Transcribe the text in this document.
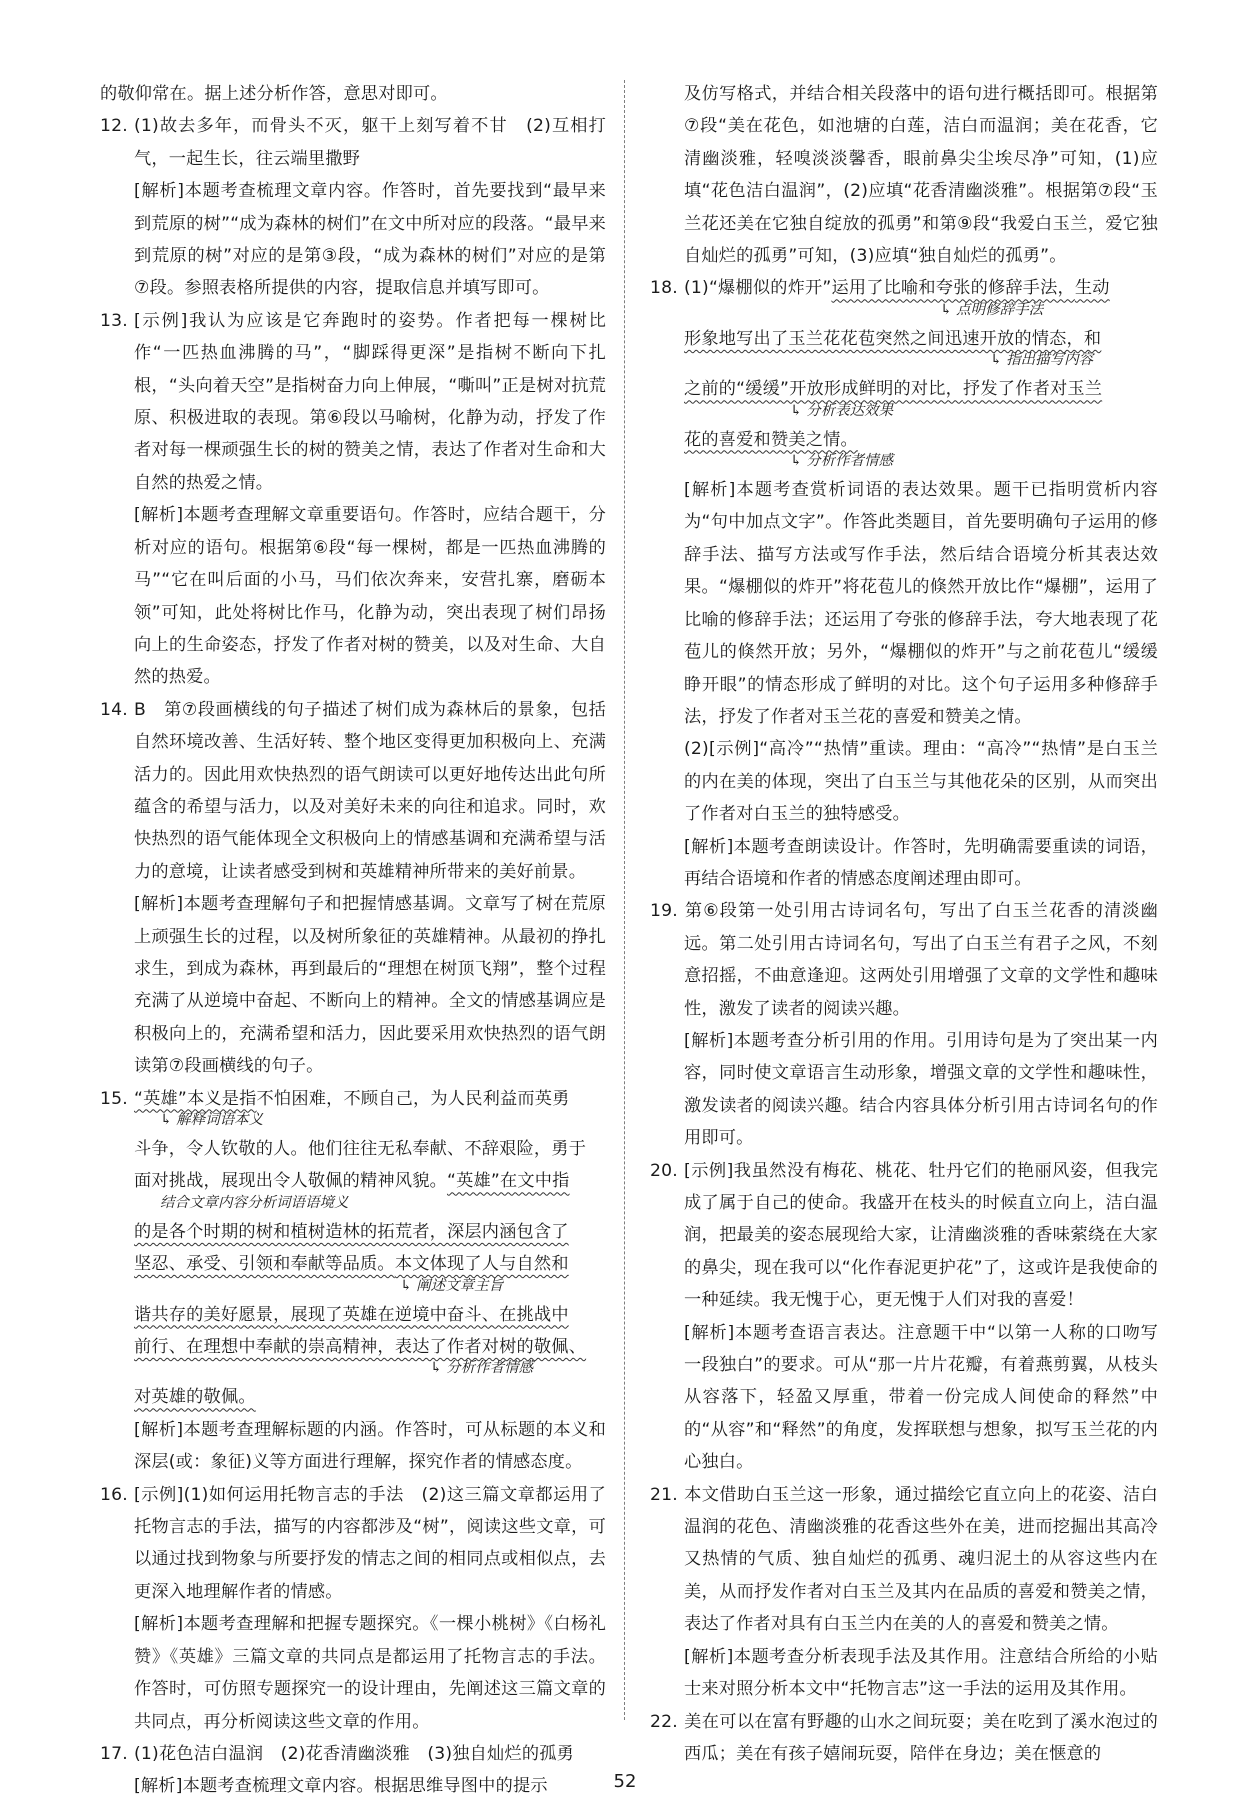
的敬仰常在。据上述分析作答，意思对即可。

12. (1)故去多年，而骨头不灭，躯干上刻写着不甘　(2)互相打气，一起生长，往云端里撒野

[解析]本题考查梳理文章内容。作答时，首先要找到“最早来到荒原的树”“成为森林的树们”在文中所对应的段落。“最早来到荒原的树”对应的是第③段，“成为森林的树们”对应的是第⑦段。参照表格所提供的内容，提取信息并填写即可。

13. [示例]我认为应该是它奔跑时的姿势。作者把每一棵树比作“一匹热血沸腾的马”，“脚踩得更深”是指树不断向下扎根，“头向着天空”是指树奋力向上伸展，“嘶叫”正是树对抗荒原、积极进取的表现。第⑥段以马喻树，化静为动，抒发了作者对每一棵顽强生长的树的赞美之情，表达了作者对生命和大自然的热爱之情。

[解析]本题考查理解文章重要语句。作答时，应结合题干，分析对应的语句。根据第⑥段“每一棵树，都是一匹热血沸腾的马”“它在叫后面的小马，马们依次奔来，安营扎寨，磨砺本领”可知，此处将树比作马，化静为动，突出表现了树们昂扬向上的生命姿态，抒发了作者对树的赞美，以及对生命、大自然的热爱。

14. B　第⑦段画横线的句子描述了树们成为森林后的景象，包括自然环境改善、生活好转、整个地区变得更加积极向上、充满活力的。因此用欢快热烈的语气朗读可以更好地传达出此句所蕴含的希望与活力，以及对美好未来的向往和追求。同时，欢快热烈的语气能体现全文积极向上的情感基调和充满希望与活力的意境，让读者感受到树和英雄精神所带来的美好前景。

[解析]本题考查理解句子和把握情感基调。文章写了树在荒原上顽强生长的过程，以及树所象征的英雄精神。从最初的挣扎求生，到成为森林，再到最后的“理想在树顶飞翔”，整个过程充满了从逆境中奋起、不断向上的精神。全文的情感基调应是积极向上的，充满希望和活力，因此要采用欢快热烈的语气朗读第⑦段画横线的句子。

15. “英雄”本义是指不怕困难，不顾自己，为人民利益而英勇

↳ 解释词语本义

斗争，令人钦敬的人。他们往往无私奉献、不辞艰险，勇于

面对挑战，展现出令人敬佩的精神风貌。“英雄”在文中指

结合文章内容分析词语语境义

的是各个时期的树和植树造林的拓荒者，深层内涵包含了

坚忍、承受、引领和奉献等品质。本文体现了人与自然和

↳ 阐述文章主旨

谐共存的美好愿景，展现了英雄在逆境中奋斗、在挑战中

前行、在理想中奉献的崇高精神，表达了作者对树的敬佩、

↳ 分析作者情感

对英雄的敬佩。

[解析]本题考查理解标题的内涵。作答时，可从标题的本义和深层(或：象征)义等方面进行理解，探究作者的情感态度。

16. [示例](1)如何运用托物言志的手法　(2)这三篇文章都运用了托物言志的手法，描写的内容都涉及“树”，阅读这些文章，可以通过找到物象与所要抒发的情志之间的相同点或相似点，去更深入地理解作者的情感。

[解析]本题考查理解和把握专题探究。《一棵小桃树》《白杨礼赞》《英雄》三篇文章的共同点是都运用了托物言志的手法。作答时，可仿照专题探究一的设计理由，先阐述这三篇文章的共同点，再分析阅读这些文章的作用。

17. (1)花色洁白温润　(2)花香清幽淡雅　(3)独自灿烂的孤勇

[解析]本题考查梳理文章内容。根据思维导图中的提示

及仿写格式，并结合相关段落中的语句进行概括即可。根据第⑦段“美在花色，如池塘的白莲，洁白而温润；美在花香，它清幽淡雅，轻嗅淡淡馨香，眼前鼻尖尘埃尽净”可知，(1)应填“花色洁白温润”，(2)应填“花香清幽淡雅”。根据第⑦段“玉兰花还美在它独自绽放的孤勇”和第⑨段“我爱白玉兰，爱它独自灿烂的孤勇”可知，(3)应填“独自灿烂的孤勇”。

18. (1)“爆棚似的炸开”运用了比喻和夸张的修辞手法，生动

↳ 点明修辞手法

形象地写出了玉兰花花苞突然之间迅速开放的情态，和

↳ 指出描写内容

之前的“缓缓”开放形成鲜明的对比，抒发了作者对玉兰

↳ 分析表达效果

花的喜爱和赞美之情。

↳ 分析作者情感

[解析]本题考查赏析词语的表达效果。题干已指明赏析内容为“句中加点文字”。作答此类题目，首先要明确句子运用的修辞手法、描写方法或写作手法，然后结合语境分析其表达效果。“爆棚似的炸开”将花苞儿的倏然开放比作“爆棚”，运用了比喻的修辞手法；还运用了夸张的修辞手法，夸大地表现了花苞儿的倏然开放；另外，“爆棚似的炸开”与之前花苞儿“缓缓睁开眼”的情态形成了鲜明的对比。这个句子运用多种修辞手法，抒发了作者对玉兰花的喜爱和赞美之情。

(2)[示例]“高冷”“热情”重读。理由：“高冷”“热情”是白玉兰的内在美的体现，突出了白玉兰与其他花朵的区别，从而突出了作者对白玉兰的独特感受。

[解析]本题考查朗读设计。作答时，先明确需要重读的词语，再结合语境和作者的情感态度阐述理由即可。

19. 第⑥段第一处引用古诗词名句，写出了白玉兰花香的清淡幽远。第二处引用古诗词名句，写出了白玉兰有君子之风，不刻意招摇，不曲意逢迎。这两处引用增强了文章的文学性和趣味性，激发了读者的阅读兴趣。

[解析]本题考查分析引用的作用。引用诗句是为了突出某一内容，同时使文章语言生动形象，增强文章的文学性和趣味性，激发读者的阅读兴趣。结合内容具体分析引用古诗词名句的作用即可。

20. [示例]我虽然没有梅花、桃花、牡丹它们的艳丽风姿，但我完成了属于自己的使命。我盛开在枝头的时候直立向上，洁白温润，把最美的姿态展现给大家，让清幽淡雅的香味萦绕在大家的鼻尖，现在我可以“化作春泥更护花”了，这或许是我使命的一种延续。我无愧于心，更无愧于人们对我的喜爱！

[解析]本题考查语言表达。注意题干中“以第一人称的口吻写一段独白”的要求。可从“那一片片花瓣，有着燕剪翼，从枝头从容落下，轻盈又厚重，带着一份完成人间使命的释然”中的“从容”和“释然”的角度，发挥联想与想象，拟写玉兰花的内心独白。

21. 本文借助白玉兰这一形象，通过描绘它直立向上的花姿、洁白温润的花色、清幽淡雅的花香这些外在美，进而挖掘出其高冷又热情的气质、独自灿烂的孤勇、魂归泥土的从容这些内在美，从而抒发作者对白玉兰及其内在品质的喜爱和赞美之情，表达了作者对具有白玉兰内在美的人的喜爱和赞美之情。

[解析]本题考查分析表现手法及其作用。注意结合所给的小贴士来对照分析本文中“托物言志”这一手法的运用及其作用。

22. 美在可以在富有野趣的山水之间玩耍；美在吃到了溪水泡过的西瓜；美在有孩子嬉闹玩耍，陪伴在身边；美在惬意的

52
